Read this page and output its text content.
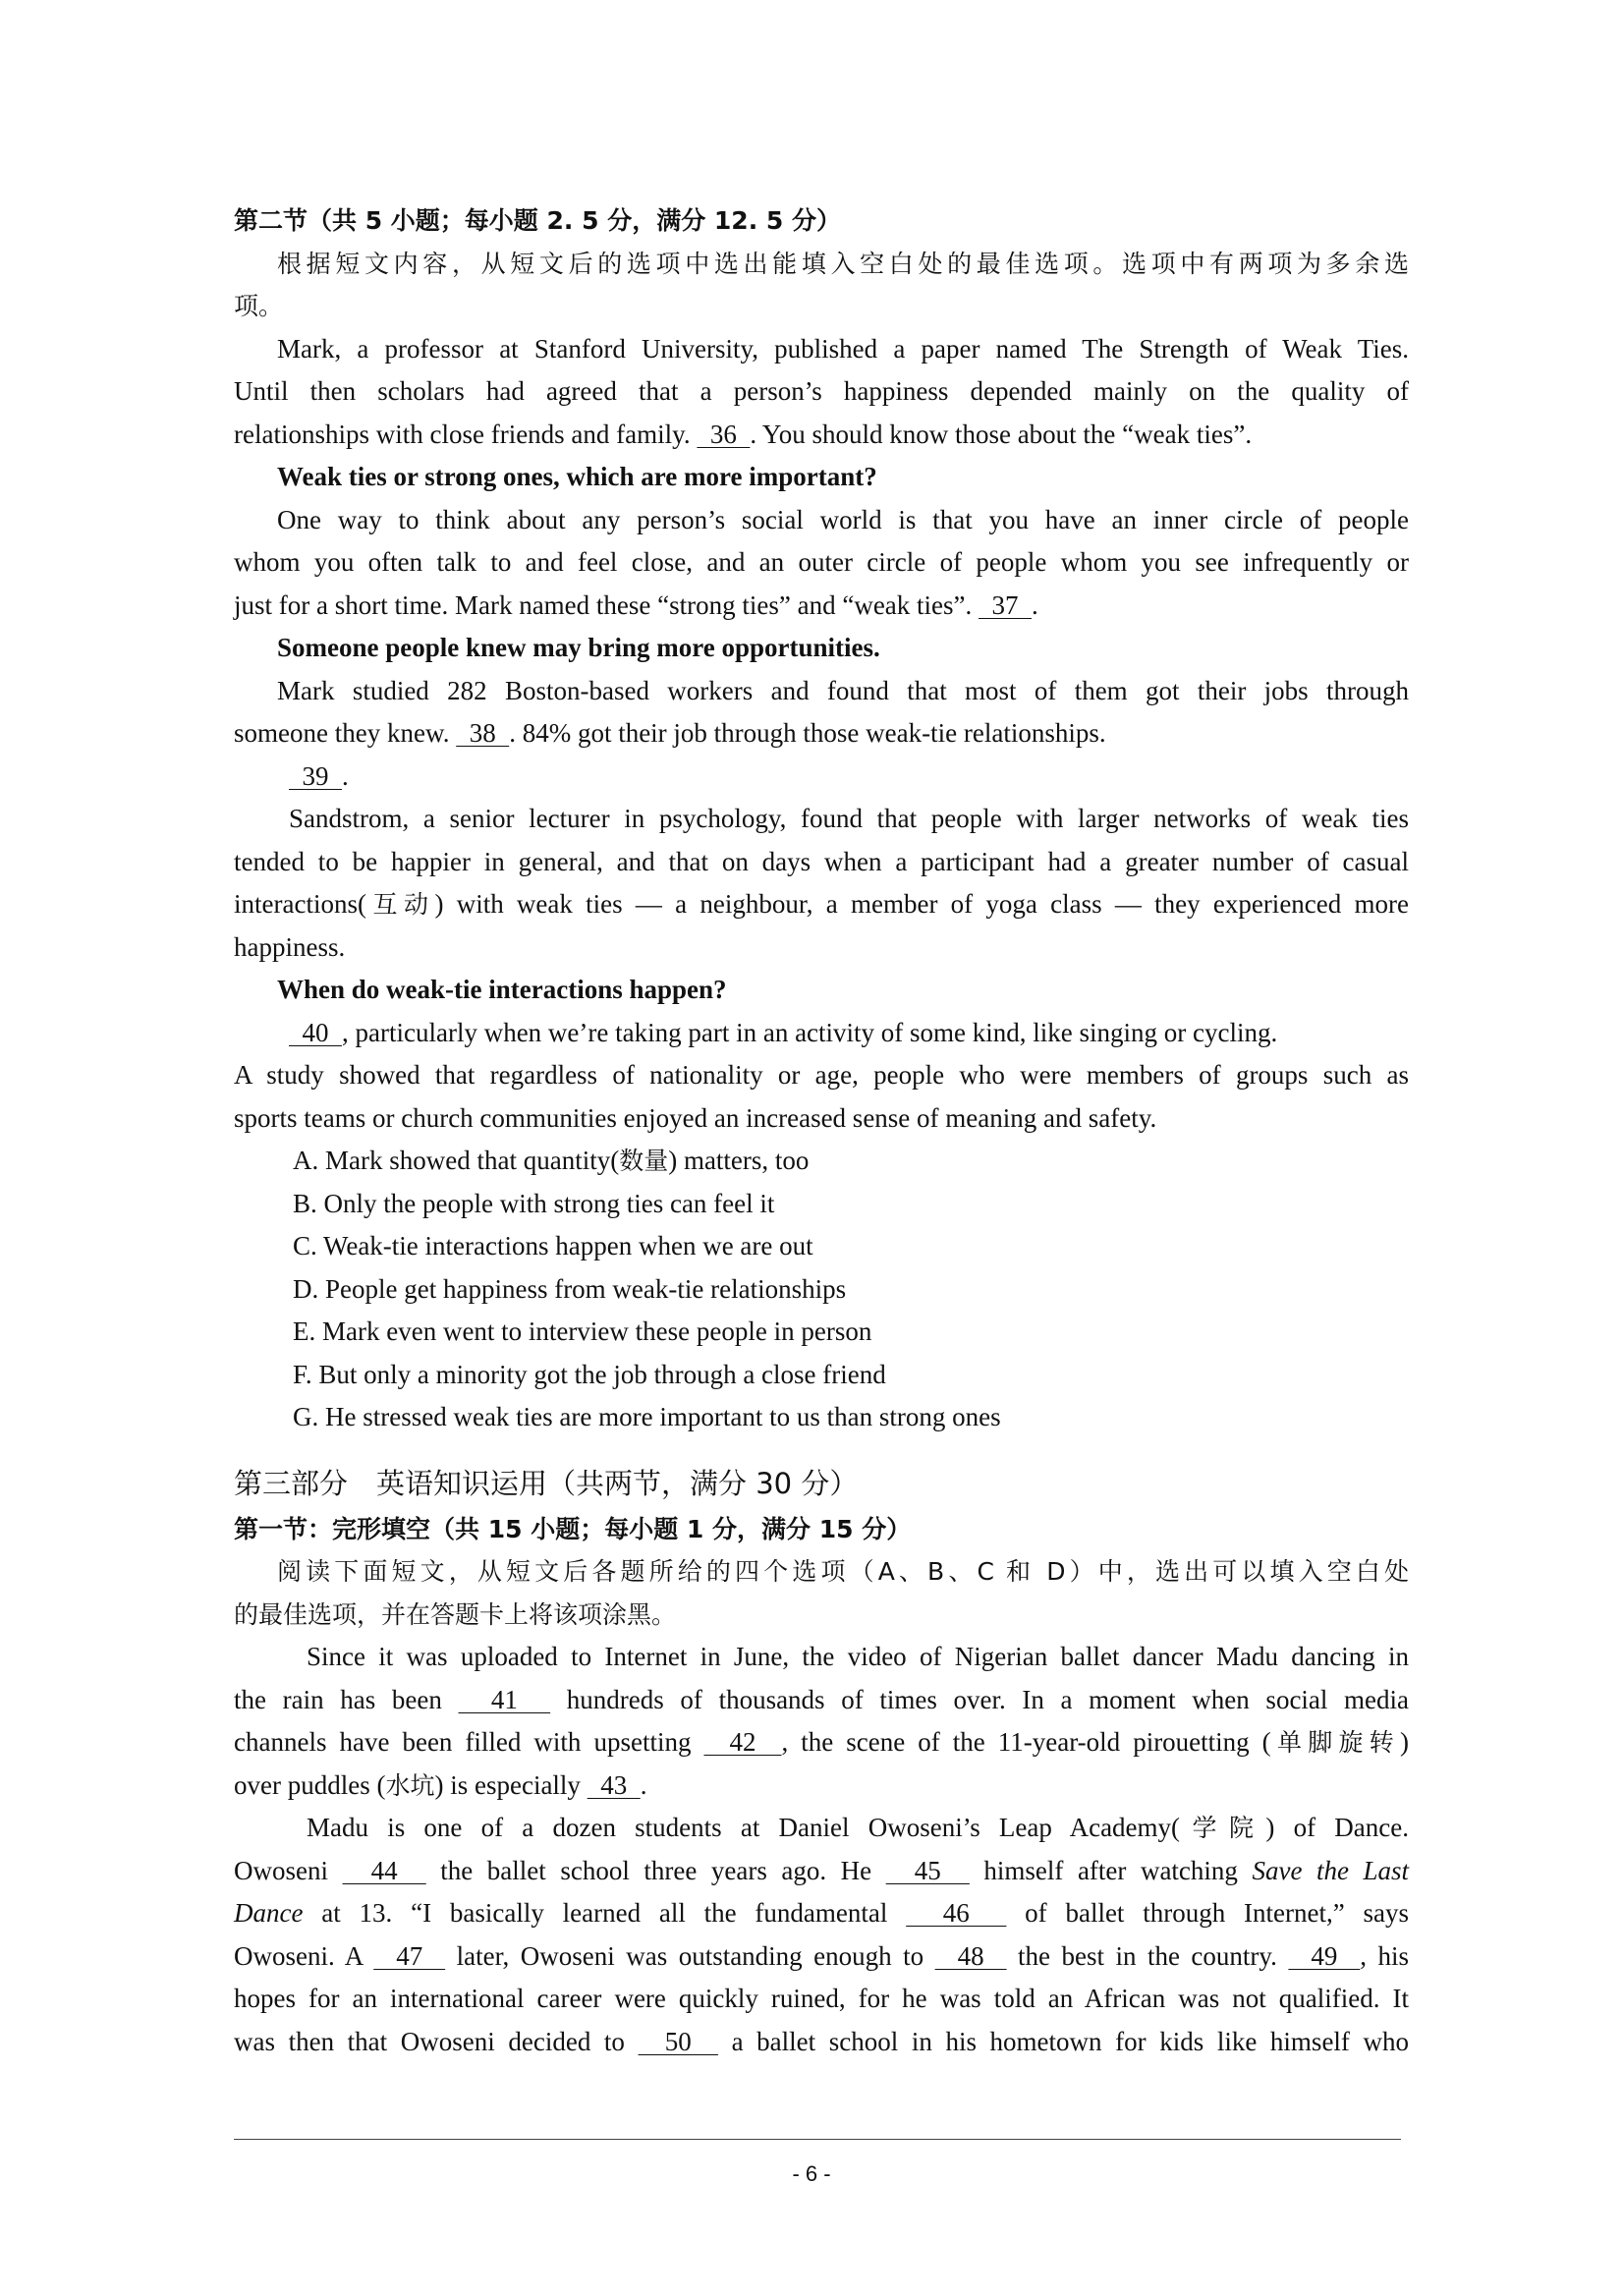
第二节（共 5 小题；每小题 2. 5 分，满分 12. 5 分）
根据短文内容，从短文后的选项中选出能填入空白处的最佳选项。选项中有两项为多余选
项。
Mark, a professor at Stanford University, published a paper named The Strength of Weak Ties.
Until then scholars had agreed that a person’s happiness depended mainly on the quality of
relationships with close friends and family.   36  . You should know those about the “weak ties”.
Weak ties or strong ones, which are more important?
One way to think about any person’s social world is that you have an inner circle of people
whom you often talk to and feel close, and an outer circle of people whom you see infrequently or
just for a short time. Mark named these “strong ties” and “weak ties”.   37  .
Someone people knew may bring more opportunities.
Mark studied 282 Boston-based workers and found that most of them got their jobs through
someone they knew.   38  . 84% got their job through those weak-tie relationships.
39  .
Sandstrom, a senior lecturer in psychology, found that people with larger networks of weak ties
tended to be happier in general, and that on days when a participant had a greater number of casual
interactions(互动) with weak ties — a neighbour, a member of yoga class — they experienced more
happiness.
When do weak-tie interactions happen?
40  , particularly when we’re taking part in an activity of some kind, like singing or cycling.
A study showed that regardless of nationality or age, people who were members of groups such as
sports teams or church communities enjoyed an increased sense of meaning and safety.
A. Mark showed that quantity(数量) matters, too
B. Only the people with strong ties can feel it
C. Weak-tie interactions happen when we are out
D. People get happiness from weak-tie relationships
E. Mark even went to interview these people in person
F. But only a minority got the job through a close friend
G. He stressed weak ties are more important to us than strong ones
第三部分　英语知识运用（共两节，满分 30 分）
第一节：完形填空（共 15 小题；每小题 1 分，满分 15 分）
阅读下面短文，从短文后各题所给的四个选项（A、B、C 和 D）中，选出可以填入空白处
的最佳选项，并在答题卡上将该项涂黑。
Since it was uploaded to Internet in June, the video of Nigerian ballet dancer Madu dancing in
the rain has been   41   hundreds of thousands of times over. In a moment when social media
channels have been filled with upsetting   42  , the scene of the 11-year-old pirouetting (单脚旋转)
over puddles (水坑) is especially   43  .
Madu is one of a dozen students at Daniel Owoseni’s Leap Academy(学院) of Dance.
Owoseni   44   the ballet school three years ago. He   45   himself after watching Save the Last
Dance at 13. “I basically learned all the fundamental   46   of ballet through Internet,” says
Owoseni. A   47   later, Owoseni was outstanding enough to   48   the best in the country.   49  , his
hopes for an international career were quickly ruined, for he was told an African was not qualified. It
was then that Owoseni decided to   50   a ballet school in his hometown for kids like himself who
- 6 -
